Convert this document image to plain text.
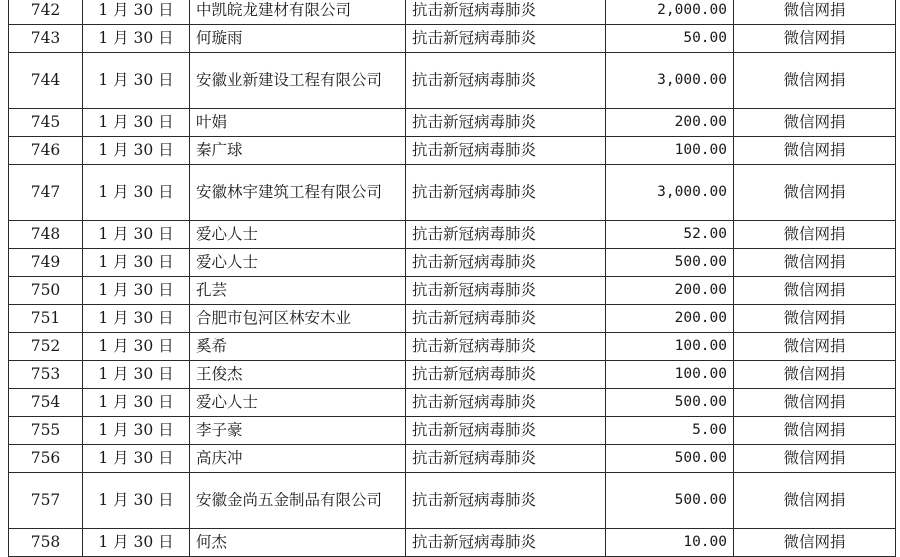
742	1 月 30 日	中凯皖龙建材有限公司	抗击新冠病毒肺炎	2,000.00	微信网捐
743	1 月 30 日	何璇雨	抗击新冠病毒肺炎	50.00	微信网捐
744	1 月 30 日	安徽业新建设工程有限公司	抗击新冠病毒肺炎	3,000.00	微信网捐
745	1 月 30 日	叶娟	抗击新冠病毒肺炎	200.00	微信网捐
746	1 月 30 日	秦广球	抗击新冠病毒肺炎	100.00	微信网捐
747	1 月 30 日	安徽林宇建筑工程有限公司	抗击新冠病毒肺炎	3,000.00	微信网捐
748	1 月 30 日	爱心人士	抗击新冠病毒肺炎	52.00	微信网捐
749	1 月 30 日	爱心人士	抗击新冠病毒肺炎	500.00	微信网捐
750	1 月 30 日	孔芸	抗击新冠病毒肺炎	200.00	微信网捐
751	1 月 30 日	合肥市包河区林安木业	抗击新冠病毒肺炎	200.00	微信网捐
752	1 月 30 日	奚希	抗击新冠病毒肺炎	100.00	微信网捐
753	1 月 30 日	王俊杰	抗击新冠病毒肺炎	100.00	微信网捐
754	1 月 30 日	爱心人士	抗击新冠病毒肺炎	500.00	微信网捐
755	1 月 30 日	李子豪	抗击新冠病毒肺炎	5.00	微信网捐
756	1 月 30 日	高庆冲	抗击新冠病毒肺炎	500.00	微信网捐
757	1 月 30 日	安徽金尚五金制品有限公司	抗击新冠病毒肺炎	500.00	微信网捐
758	1 月 30 日	何杰	抗击新冠病毒肺炎	10.00	微信网捐
